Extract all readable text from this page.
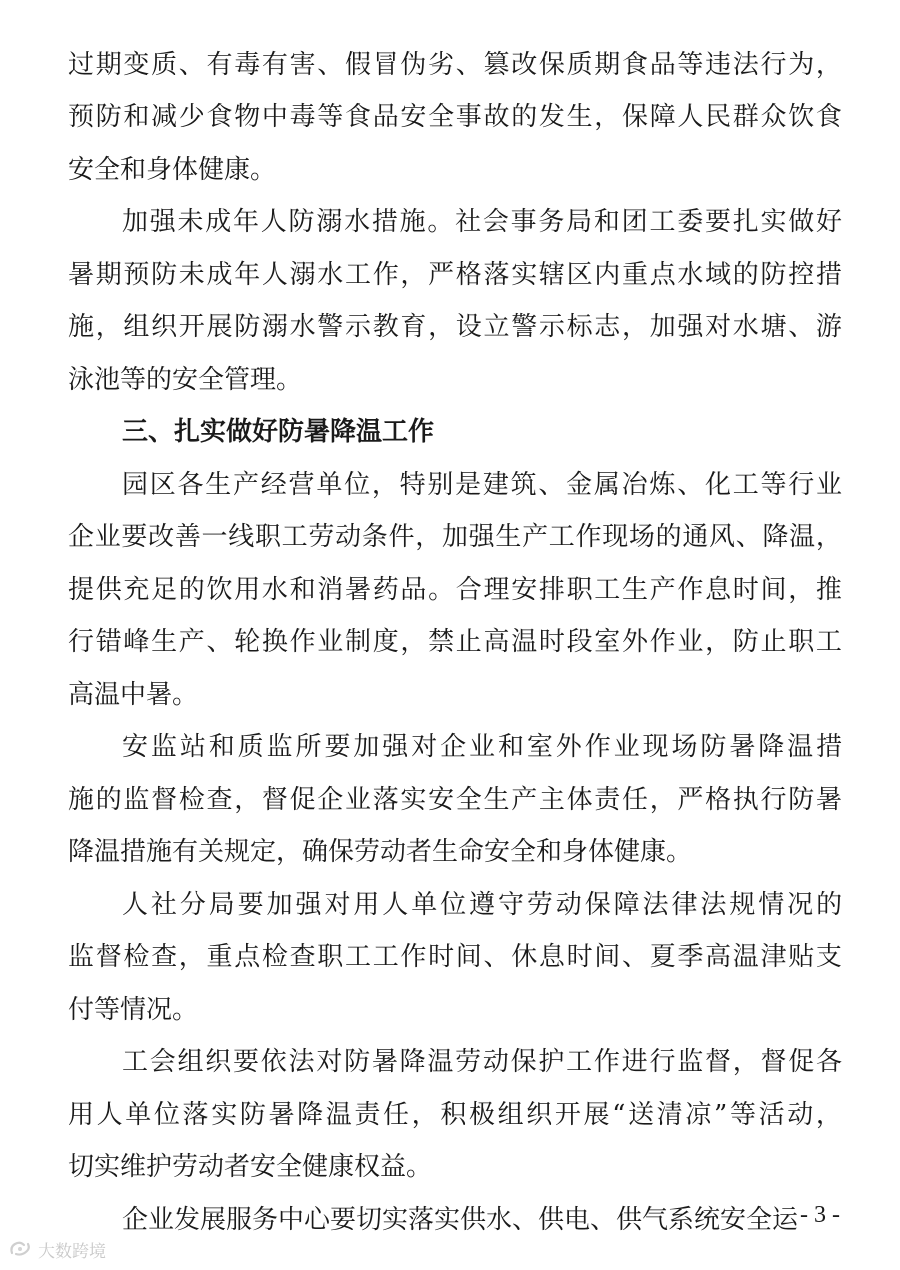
过期变质、有毒有害、假冒伪劣、篡改保质期食品等违法行为，
预防和减少食物中毒等食品安全事故的发生，保障人民群众饮食
安全和身体健康。
加强未成年人防溺水措施。社会事务局和团工委要扎实做好
暑期预防未成年人溺水工作，严格落实辖区内重点水域的防控措
施，组织开展防溺水警示教育，设立警示标志，加强对水塘、游
泳池等的安全管理。
三、扎实做好防暑降温工作
园区各生产经营单位，特别是建筑、金属冶炼、化工等行业
企业要改善一线职工劳动条件，加强生产工作现场的通风、降温，
提供充足的饮用水和消暑药品。合理安排职工生产作息时间，推
行错峰生产、轮换作业制度，禁止高温时段室外作业，防止职工
高温中暑。
安监站和质监所要加强对企业和室外作业现场防暑降温措
施的监督检查，督促企业落实安全生产主体责任，严格执行防暑
降温措施有关规定，确保劳动者生命安全和身体健康。
人社分局要加强对用人单位遵守劳动保障法律法规情况的
监督检查，重点检查职工工作时间、休息时间、夏季高温津贴支
付等情况。
工会组织要依法对防暑降温劳动保护工作进行监督，督促各
用人单位落实防暑降温责任，积极组织开展“送清凉”等活动，
切实维护劳动者安全健康权益。
企业发展服务中心要切实落实供水、供电、供气系统安全运 - 3 -
大数跨境
